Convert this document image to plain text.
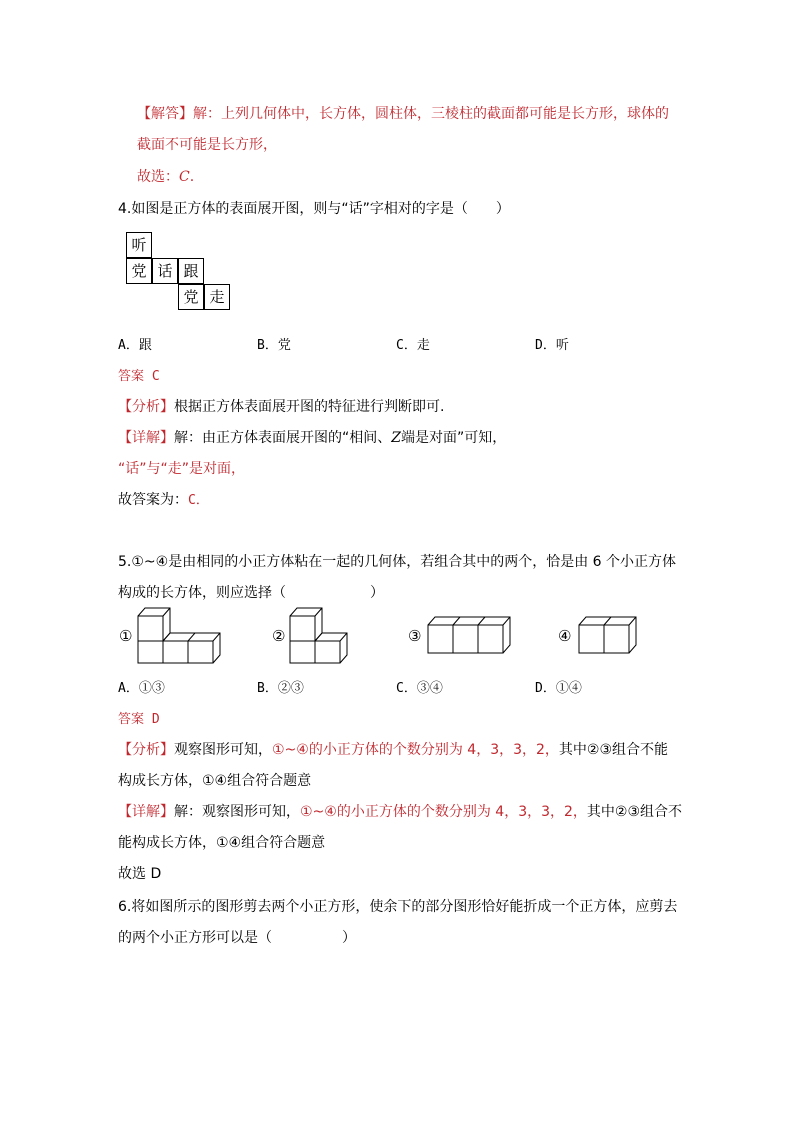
【解答】解：上列几何体中，长方体，圆柱体，三棱柱的截面都可能是长方形，球体的
截面不可能是长方形，
故选：C.
4.如图是正方体的表面展开图，则与“话”字相对的字是（　　）
听
党 话 跟
党 走
A．跟	B．党	C．走	D．听
答案 C
【分析】根据正方体表面展开图的特征进行判断即可.
【详解】解：由正方体表面展开图的“相间、Z端是对面”可知，
“话”与“走”是对面，
故答案为：C．
5.①~④是由相同的小正方体粘在一起的几何体，若组合其中的两个，恰是由 6 个小正方体
构成的长方体，则应选择（　　　　　　）
①	②	③	④
A．①③	B．②③	C．③④	D．①④
答案 D
【分析】观察图形可知，①~④的小正方体的个数分别为 4，3，3，2，其中②③组合不能
构成长方体，①④组合符合题意
【详解】解：观察图形可知，①~④的小正方体的个数分别为 4，3，3，2，其中②③组合不
能构成长方体，①④组合符合题意
故选 D
6.将如图所示的图形剪去两个小正方形，使余下的部分图形恰好能折成一个正方体，应剪去
的两个小正方形可以是（　　　　　）
